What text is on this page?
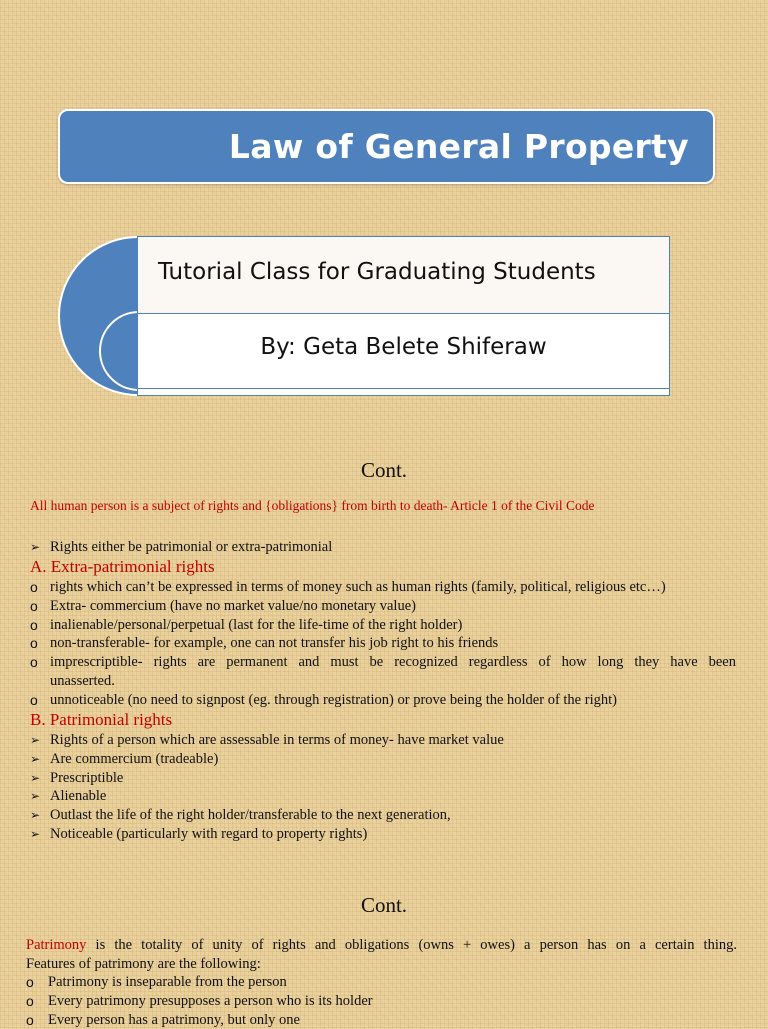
Law of General Property
Tutorial Class for Graduating Students
By: Geta Belete Shiferaw
Cont.
All human person is a subject of rights and {obligations} from birth to death- Article 1 of the Civil Code
➢ Rights either be patrimonial or extra-patrimonial
A. Extra-patrimonial rights
o rights which can’t be expressed in terms of money such as human rights (family, political, religious etc…)
o Extra- commercium (have no market value/no monetary value)
o inalienable/personal/perpetual (last for the life-time of the right holder)
o non-transferable- for example, one can not transfer his job right to his friends
o imprescriptible- rights are permanent and must be recognized regardless of how long they have been
unasserted.
o unnoticeable (no need to signpost (eg. through registration) or prove being the holder of the right)
B. Patrimonial rights
➢ Rights of a person which are assessable in terms of money- have market value
➢ Are commercium (tradeable)
➢ Prescriptible
➢ Alienable
➢ Outlast the life of the right holder/transferable to the next generation,
➢ Noticeable (particularly with regard to property rights)
Cont.
Patrimony is the totality of unity of rights and obligations (owns + owes) a person has on a certain thing.
Features of patrimony are the following:
o Patrimony is inseparable from the person
o Every patrimony presupposes a person who is its holder
o Every person has a patrimony, but only one
